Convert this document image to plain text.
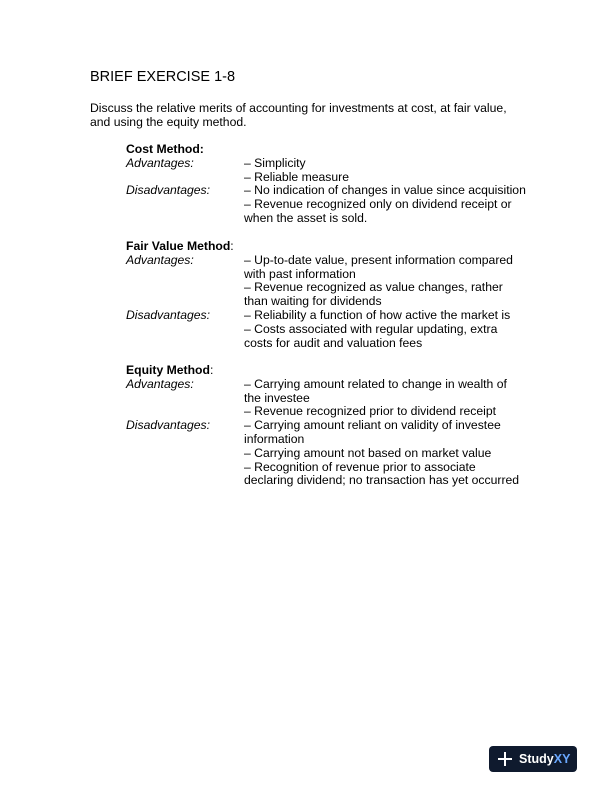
BRIEF EXERCISE 1-8
Discuss the relative merits of accounting for investments at cost, at fair value, and using the equity method.
Cost Method:
Advantages:	– Simplicity
– Reliable measure
Disadvantages:	– No indication of changes in value since acquisition
– Revenue recognized only on dividend receipt or when the asset is sold.
Fair Value Method:
Advantages:	– Up-to-date value, present information compared with past information
– Revenue recognized as value changes, rather than waiting for dividends
Disadvantages:	– Reliability a function of how active the market is
– Costs associated with regular updating, extra costs for audit and valuation fees
Equity Method:
Advantages:	– Carrying amount related to change in wealth of the investee
– Revenue recognized prior to dividend receipt
Disadvantages:	– Carrying amount reliant on validity of investee information
– Carrying amount not based on market value
– Recognition of revenue prior to associate declaring dividend; no transaction has yet occurred
StudyXY
